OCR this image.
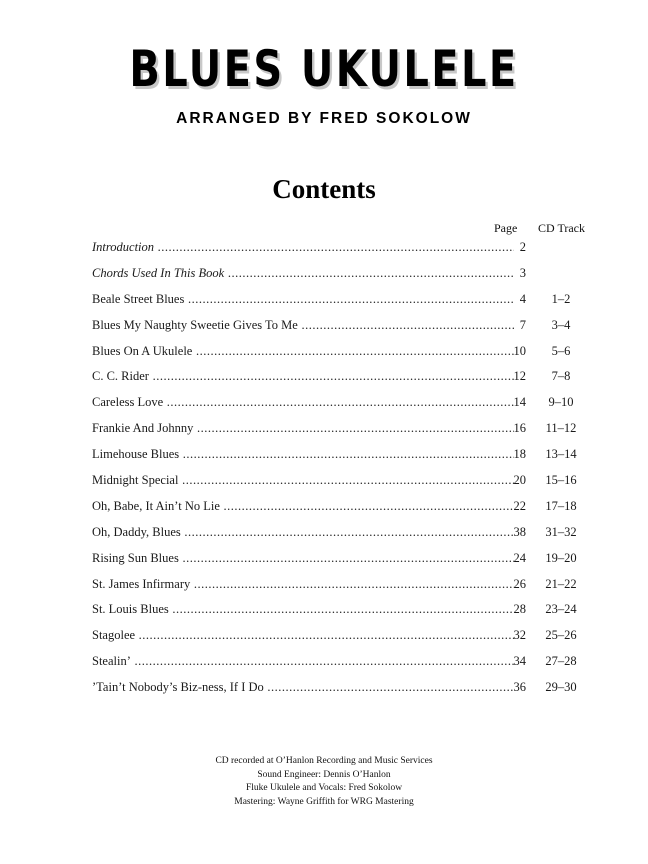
BLUES UKULELE
ARRANGED BY FRED SOKOLOW
Contents
Page CD Track
Introduction .....	2
Chords Used In This Book .....	3
Beale Street Blues .....	4	1–2
Blues My Naughty Sweetie Gives To Me .....	7	3–4
Blues On A Ukulele .....	10	5–6
C. C. Rider .....	12	7–8
Careless Love .....	14	9–10
Frankie And Johnny .....	16	11–12
Limehouse Blues .....	18	13–14
Midnight Special .....	20	15–16
Oh, Babe, It Ain’t No Lie .....	22	17–18
Oh, Daddy, Blues .....	38	31–32
Rising Sun Blues .....	24	19–20
St. James Infirmary .....	26	21–22
St. Louis Blues .....	28	23–24
Stagolee .....	32	25–26
Stealin’ .....	34	27–28
’Tain’t Nobody’s Biz-ness, If I Do .....	36	29–30
CD recorded at O’Hanlon Recording and Music Services
Sound Engineer: Dennis O’Hanlon
Fluke Ukulele and Vocals: Fred Sokolow
Mastering: Wayne Griffith for WRG Mastering
